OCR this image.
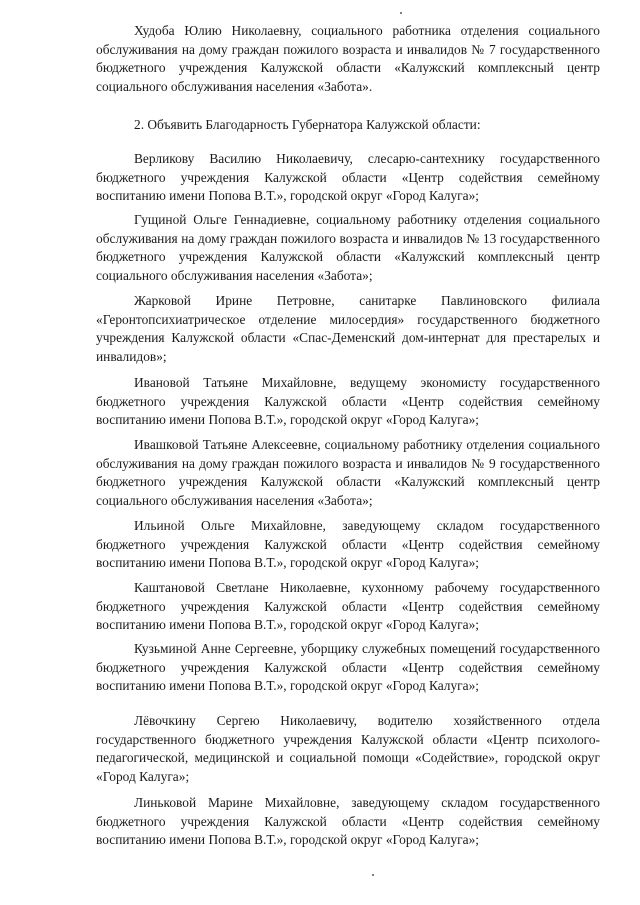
Худоба Юлию Николаевну, социального работника отделения социального обслуживания на дому граждан пожилого возраста и инвалидов № 7 государственного бюджетного учреждения Калужской области «Калужский комплексный центр социального обслуживания населения «Забота».

2. Объявить Благодарность Губернатора Калужской области:

Верликову Василию Николаевичу, слесарю-сантехнику государственного бюджетного учреждения Калужской области «Центр содействия семейному воспитанию имени Попова В.Т.», городской округ «Город Калуга»;

Гущиной Ольге Геннадиевне, социальному работнику отделения социального обслуживания на дому граждан пожилого возраста и инвалидов № 13 государственного бюджетного учреждения Калужской области «Калужский комплексный центр социального обслуживания населения «Забота»;

Жарковой Ирине Петровне, санитарке Павлиновского филиала «Геронтопсихиатрическое отделение милосердия» государственного бюджетного учреждения Калужской области «Спас-Деменский дом-интернат для престарелых и инвалидов»;

Ивановой Татьяне Михайловне, ведущему экономисту государственного бюджетного учреждения Калужской области «Центр содействия семейному воспитанию имени Попова В.Т.», городской округ «Город Калуга»;

Ивашковой Татьяне Алексеевне, социальному работнику отделения социального обслуживания на дому граждан пожилого возраста и инвалидов № 9 государственного бюджетного учреждения Калужской области «Калужский комплексный центр социального обслуживания населения «Забота»;

Ильиной Ольге Михайловне, заведующему складом государственного бюджетного учреждения Калужской области «Центр содействия семейному воспитанию имени Попова В.Т.», городской округ «Город Калуга»;

Каштановой Светлане Николаевне, кухонному рабочему государственного бюджетного учреждения Калужской области «Центр содействия семейному воспитанию имени Попова В.Т.», городской округ «Город Калуга»;

Кузьминой Анне Сергеевне, уборщику служебных помещений государственного бюджетного учреждения Калужской области «Центр содействия семейному воспитанию имени Попова В.Т.», городской округ «Город Калуга»;

Лёвочкину Сергею Николаевичу, водителю хозяйственного отдела государственного бюджетного учреждения Калужской области «Центр психолого-педагогической, медицинской и социальной помощи «Содействие», городской округ «Город Калуга»;

Линьковой Марине Михайловне, заведующему складом государственного бюджетного учреждения Калужской области «Центр содействия семейному воспитанию имени Попова В.Т.», городской округ «Город Калуга»;
